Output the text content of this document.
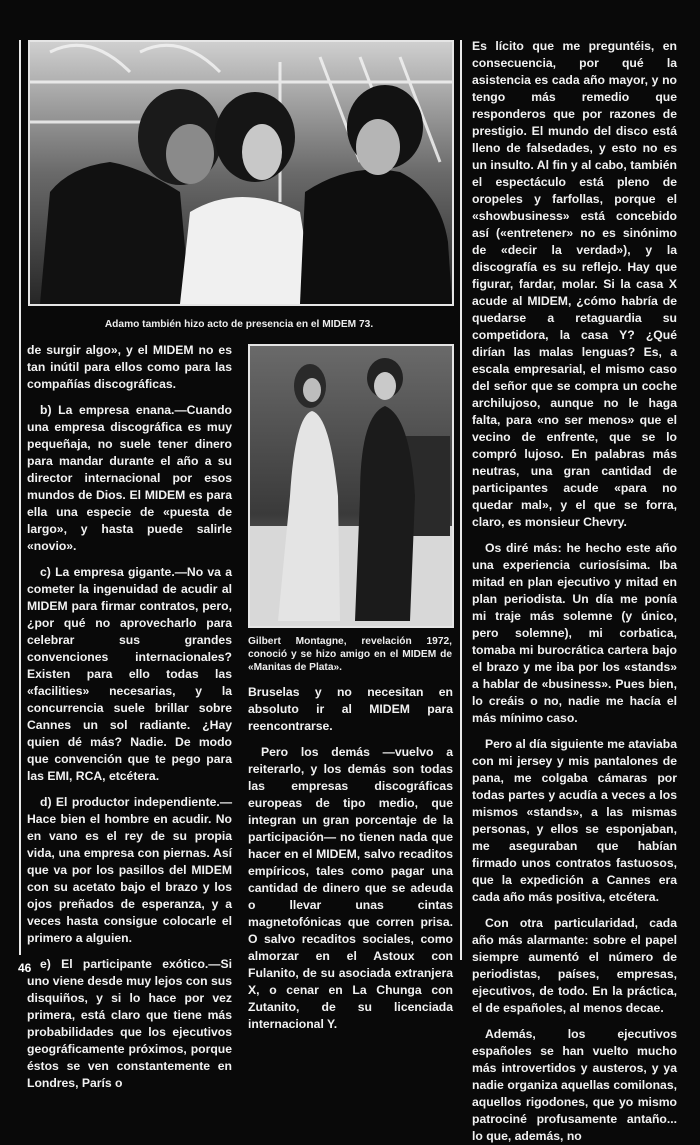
Adamo también hizo acto de presencia en el MIDEM 73.
Gilbert Montagne, revelación 1972, conoció y se hizo amigo en el MIDEM de «Manitas de Plata».

de surgir algo», y el MIDEM no es tan inútil para ellos como para las compañías discográficas.

b) La empresa enana.—Cuando una empresa discográfica es muy pequeñaja, no suele tener dinero para mandar durante el año a su director internacional por esos mundos de Dios. El MIDEM es para ella una especie de «puesta de largo», y hasta puede salirle «novio».

c) La empresa gigante.—No va a cometer la ingenuidad de acudir al MIDEM para firmar contratos, pero, ¿por qué no aprovecharlo para celebrar sus grandes convenciones internacionales? Existen para ello todas las «facilities» necesarias, y la concurrencia suele brillar sobre Cannes un sol radiante. ¿Hay quien dé más? Nadie. De modo que convención que te pego para las EMI, RCA, etcétera.

d) El productor independiente.—Hace bien el hombre en acudir. No en vano es el rey de su propia vida, una empresa con piernas. Así que va por los pasillos del MIDEM con su acetato bajo el brazo y los ojos preñados de esperanza, y a veces hasta consigue colocarle el primero a alguien.

e) El participante exótico.—Si uno viene desde muy lejos con sus disquiños, y si lo hace por vez primera, está claro que tiene más probabilidades que los ejecutivos geográficamente próximos, porque éstos se ven constantemente en Londres, París o

Bruselas y no necesitan en absoluto ir al MIDEM para reencontrarse.

Pero los demás —vuelvo a reiterarlo, y los demás son todas las empresas discográficas europeas de tipo medio, que integran un gran porcentaje de la participación— no tienen nada que hacer en el MIDEM, salvo recaditos empíricos, tales como pagar una cantidad de dinero que se adeuda o llevar unas cintas magnetofónicas que corren prisa. O salvo recaditos sociales, como almorzar en el Astoux con Fulanito, de su asociada extranjera X, o cenar en La Chunga con Zutanito, de su licenciada internacional Y.

Es lícito que me preguntéis, en consecuencia, por qué la asistencia es cada año mayor, y no tengo más remedio que responderos que por razones de prestigio. El mundo del disco está lleno de falsedades, y esto no es un insulto. Al fin y al cabo, también el espectáculo está pleno de oropeles y farfollas, porque el «showbusiness» está concebido así («entretener» no es sinónimo de «decir la verdad»), y la discografía es su reflejo. Hay que figurar, fardar, molar. Si la casa X acude al MIDEM, ¿cómo habría de quedarse a retaguardia su competidora, la casa Y? ¿Qué dirían las malas lenguas? Es, a escala empresarial, el mismo caso del señor que se compra un coche archilujoso, aunque no le haga falta, para «no ser menos» que el vecino de enfrente, que se lo compró lujoso. En palabras más neutras, una gran cantidad de participantes acude «para no quedar mal», y el que se forra, claro, es monsieur Chevry.

Os diré más: he hecho este año una experiencia curiosísima. Iba mitad en plan ejecutivo y mitad en plan periodista. Un día me ponía mi traje más solemne (y único, pero solemne), mi corbatica, tomaba mi burocrática cartera bajo el brazo y me iba por los «stands» a hablar de «business». Pues bien, lo creáis o no, nadie me hacía el más mínimo caso.

Pero al día siguiente me ataviaba con mi jersey y mis pantalones de pana, me colgaba cámaras por todas partes y acudía a veces a los mismos «stands», a las mismas personas, y ellos se esponjaban, me aseguraban que habían firmado unos contratos fastuosos, que la expedición a Cannes era cada año más positiva, etcétera.

Con otra particularidad, cada año más alarmante: sobre el papel siempre aumentó el número de periodistas, países, empresas, ejecutivos, de todo. En la práctica, el de españoles, al menos decae.

Además, los ejecutivos españoles se han vuelto mucho más introvertidos y austeros, y ya nadie organiza aquellas comilonas, aquellos rigodones, que yo mismo patrociné profusamente antaño... lo que, además, no

46
